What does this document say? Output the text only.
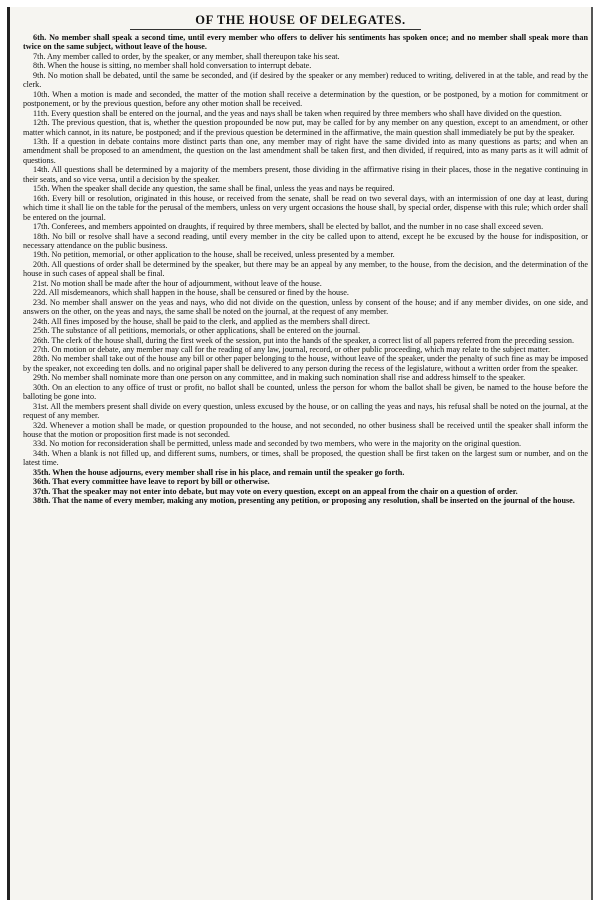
OF THE HOUSE OF DELEGATES.

6th. No member shall speak a second time, until every member who offers to deliver his sentiments has spoken once; and no member shall speak more than twice on the same subject, without leave of the house.

7th. Any member called to order, by the speaker, or any member, shall thereupon take his seat.

8th. When the house is sitting, no member shall hold conversation to interrupt debate.

9th. No motion shall be debated, until the same be seconded, and (if desired by the speaker or any member) reduced to writing, delivered in at the table, and read by the clerk.

10th. When a motion is made and seconded, the matter of the motion shall receive a determination by the question, or be postponed, by a motion for commitment or postponement, or by the previous question, before any other motion shall be received.

11th. Every question shall be entered on the journal, and the yeas and nays shall be taken when required by three members who shall have divided on the question.

12th. The previous question, that is, whether the question propounded be now put, may be called for by any member on any question, except to an amendment, or other matter which cannot, in its nature, be postponed; and if the previous question be determined in the affirmative, the main question shall immediately be put by the speaker.

13th. If a question in debate contains more distinct parts than one, any member may of right have the same divided into as many questions as parts; and when an amendment shall be proposed to an amendment, the question on the last amendment shall be taken first, and then divided, if required, into as many parts as it will admit of questions.

14th. All questions shall be determined by a majority of the members present, those dividing in the affirmative rising in their places, those in the negative continuing in their seats, and so vice versa, until a decision by the speaker.

15th. When the speaker shall decide any question, the same shall be final, unless the yeas and nays be required.

16th. Every bill or resolution, originated in this house, or received from the senate, shall be read on two several days, with an intermission of one day at least, during which time it shall lie on the table for the perusal of the members, unless on very urgent occasions the house shall, by special order, dispense with this rule; which order shall be entered on the journal.

17th. Conferees, and members appointed on draughts, if required by three members, shall be elected by ballot, and the number in no case shall exceed seven.

18th. No bill or resolve shall have a second reading, until every member in the city be called upon to attend, except he be excused by the house for indisposition, or necessary attendance on the public business.

19th. No petition, memorial, or other application to the house, shall be received, unless presented by a member.

20th. All questions of order shall be determined by the speaker, but there may be an appeal by any member, to the house, from the decision, and the determination of the house in such cases of appeal shall be final.

21st. No motion shall be made after the hour of adjournment, without leave of the house.

22d. All misdemeanors, which shall happen in the house, shall be censured or fined by the house.

23d. No member shall answer on the yeas and nays, who did not divide on the question, unless by consent of the house; and if any member divides, on one side, and answers on the other, on the yeas and nays, the same shall be noted on the journal, at the request of any member.

24th. All fines imposed by the house, shall be paid to the clerk, and applied as the members shall direct.

25th. The substance of all petitions, memorials, or other applications, shall be entered on the journal.

26th. The clerk of the house shall, during the first week of the session, put into the hands of the speaker, a correct list of all papers referred from the preceding session.

27th. On motion or debate, any member may call for the reading of any law, journal, record, or other public proceeding, which may relate to the subject matter.

28th. No member shall take out of the house any bill or other paper belonging to the house, without leave of the speaker, under the penalty of such fine as may be imposed by the speaker, not exceeding ten dolls. and no original paper shall be delivered to any person during the recess of the legislature, without a written order from the speaker.

29th. No member shall nominate more than one person on any committee, and in making such nomination shall rise and address himself to the speaker.

30th. On an election to any office of trust or profit, no ballot shall be counted, unless the person for whom the ballot shall be given, be named to the house before the balloting be gone into.

31st. All the members present shall divide on every question, unless excused by the house, or on calling the yeas and nays, his refusal shall be noted on the journal, at the request of any member.

32d. Whenever a motion shall be made, or question propounded to the house, and not seconded, no other business shall be received until the speaker shall inform the house that the motion or proposition first made is not seconded.

33d. No motion for reconsideration shall be permitted, unless made and seconded by two members, who were in the majority on the original question.

34th. When a blank is not filled up, and different sums, numbers, or times, shall be proposed, the question shall be first taken on the largest sum or number, and on the latest time.

35th. When the house adjourns, every member shall rise in his place, and remain until the speaker go forth.

36th. That every committee have leave to report by bill or otherwise.

37th. That the speaker may not enter into debate, but may vote on every question, except on an appeal from the chair on a question of order.

38th. That the name of every member, making any motion, presenting any petition, or proposing any resolution, shall be inserted on the journal of the house.
